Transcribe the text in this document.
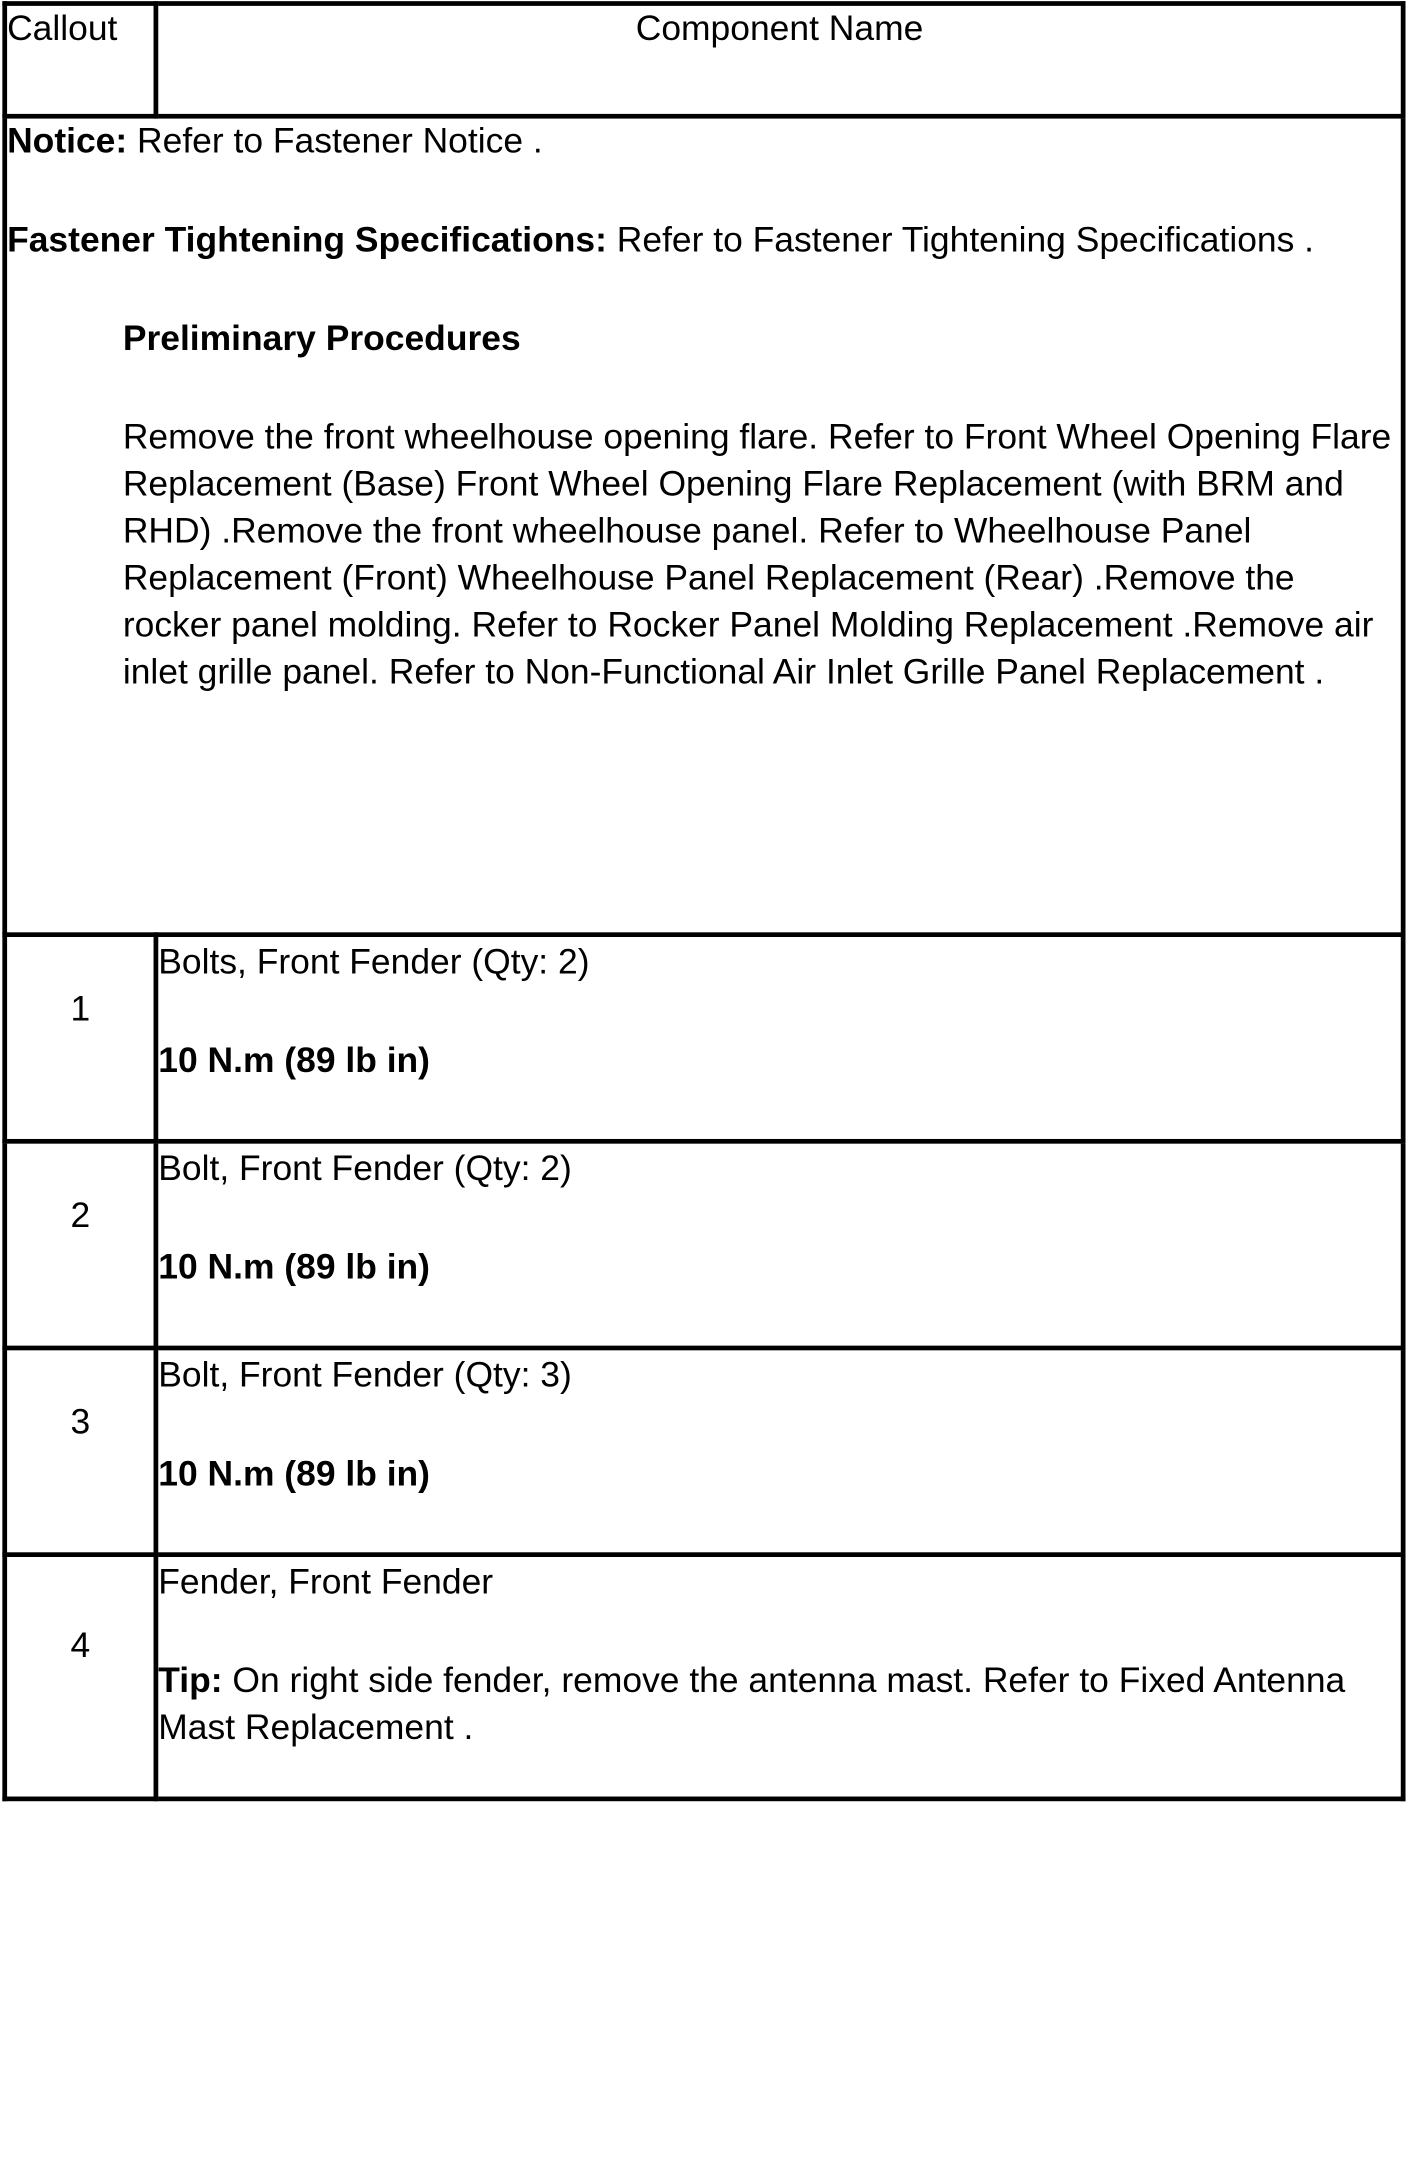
Callout	Component Name

Notice: Refer to Fastener Notice .

Fastener Tightening Specifications: Refer to Fastener Tightening Specifications .

Preliminary Procedures
Remove the front wheelhouse opening flare. Refer to Front Wheel Opening Flare Replacement (Base) Front Wheel Opening Flare Replacement (with BRM and RHD) .Remove the front wheelhouse panel. Refer to Wheelhouse Panel Replacement (Front) Wheelhouse Panel Replacement (Rear) .Remove the rocker panel molding. Refer to Rocker Panel Molding Replacement .Remove air inlet grille panel. Refer to Non-Functional Air Inlet Grille Panel Replacement .	

1	Bolts, Front Fender (Qty: 2)
10 N.m (89 lb in)

2	Bolt, Front Fender (Qty: 2)
10 N.m (89 lb in)

3	Bolt, Front Fender (Qty: 3)
10 N.m (89 lb in)

4	Fender, Front Fender
Tip: On right side fender, remove the antenna mast. Refer to Fixed Antenna Mast Replacement .
